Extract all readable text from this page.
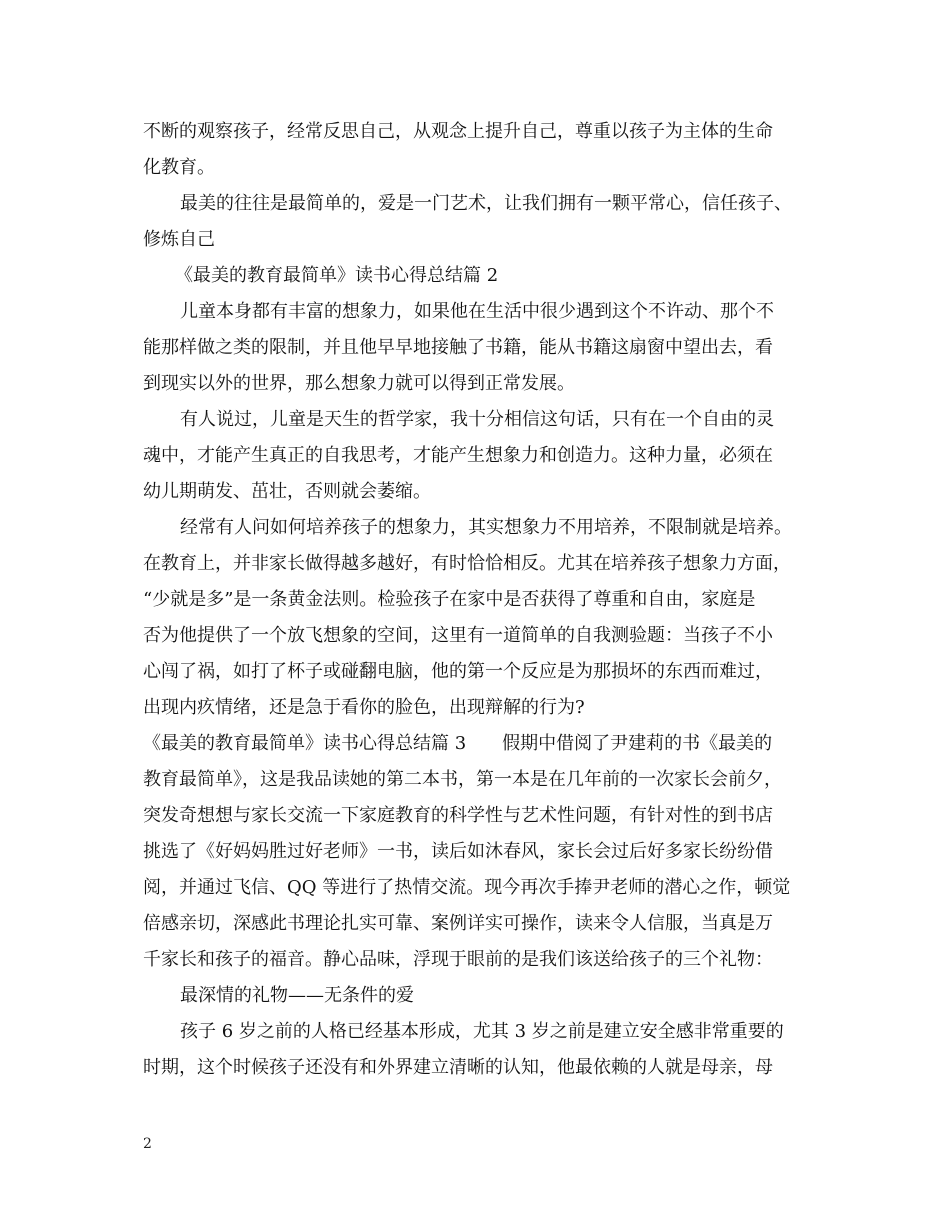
不断的观察孩子，经常反思自己，从观念上提升自己，尊重以孩子为主体的生命
化教育。
最美的往往是最简单的，爱是一门艺术，让我们拥有一颗平常心，信任孩子、
修炼自己
《最美的教育最简单》读书心得总结篇 2
儿童本身都有丰富的想象力，如果他在生活中很少遇到这个不许动、那个不
能那样做之类的限制，并且他早早地接触了书籍，能从书籍这扇窗中望出去，看
到现实以外的世界，那么想象力就可以得到正常发展。
有人说过，儿童是天生的哲学家，我十分相信这句话，只有在一个自由的灵
魂中，才能产生真正的自我思考，才能产生想象力和创造力。这种力量，必须在
幼儿期萌发、茁壮，否则就会萎缩。
经常有人问如何培养孩子的想象力，其实想象力不用培养，不限制就是培养。
在教育上，并非家长做得越多越好，有时恰恰相反。尤其在培养孩子想象力方面，
“少就是多”是一条黄金法则。检验孩子在家中是否获得了尊重和自由，家庭是
否为他提供了一个放飞想象的空间，这里有一道简单的自我测验题：当孩子不小
心闯了祸，如打了杯子或碰翻电脑，他的第一个反应是为那损坏的东西而难过，
出现内疚情绪，还是急于看你的脸色，出现辩解的行为?
《最美的教育最简单》读书心得总结篇 3　　假期中借阅了尹建莉的书《最美的
教育最简单》，这是我品读她的第二本书，第一本是在几年前的一次家长会前夕，
突发奇想想与家长交流一下家庭教育的科学性与艺术性问题，有针对性的到书店
挑选了《好妈妈胜过好老师》一书，读后如沐春风，家长会过后好多家长纷纷借
阅，并通过飞信、QQ 等进行了热情交流。现今再次手捧尹老师的潜心之作，顿觉
倍感亲切，深感此书理论扎实可靠、案例详实可操作，读来令人信服，当真是万
千家长和孩子的福音。静心品味，浮现于眼前的是我们该送给孩子的三个礼物：
最深情的礼物——无条件的爱
孩子 6 岁之前的人格已经基本形成，尤其 3 岁之前是建立安全感非常重要的
时期，这个时候孩子还没有和外界建立清晰的认知，他最依赖的人就是母亲，母
2
